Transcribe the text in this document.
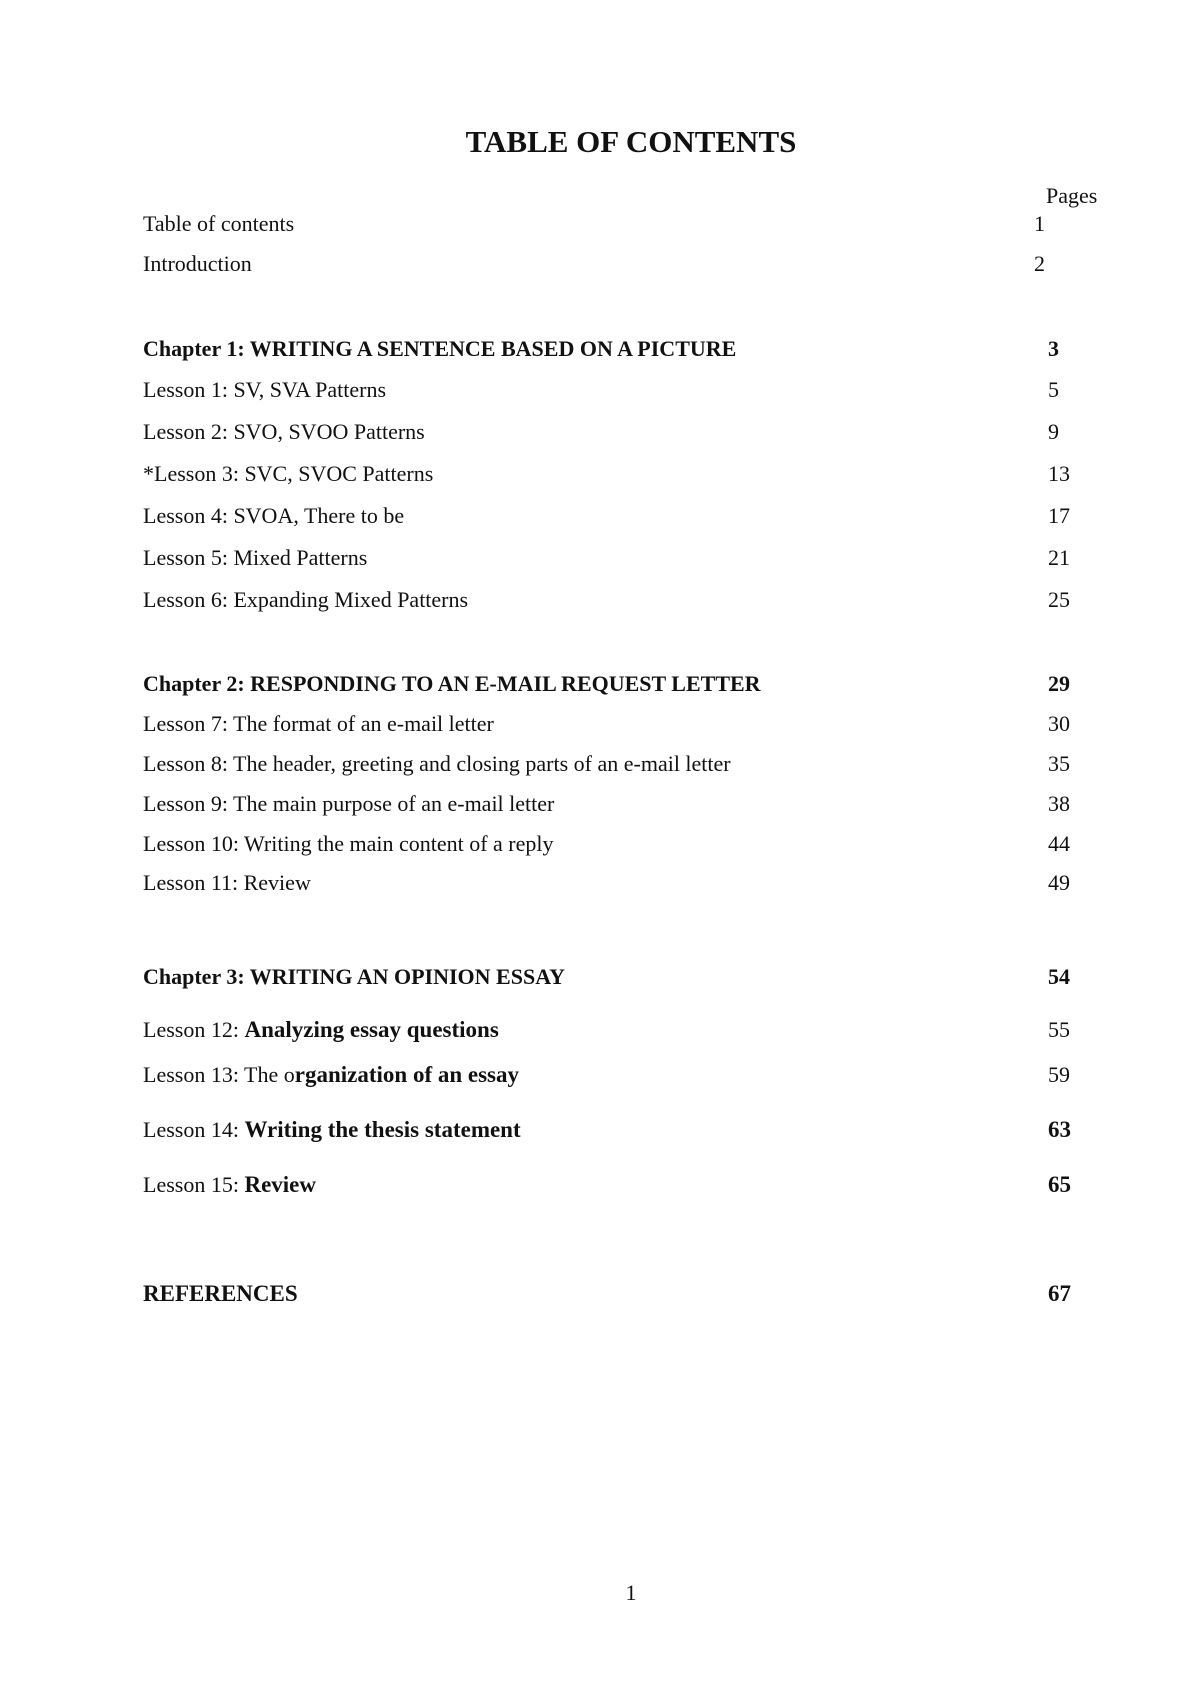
TABLE OF CONTENTS
Pages
Table of contents	1
Introduction	2
Chapter 1: WRITING A SENTENCE BASED ON A PICTURE	3
Lesson 1: SV, SVA Patterns	5
Lesson 2: SVO, SVOO Patterns	9
*Lesson 3: SVC, SVOC Patterns	13
Lesson 4: SVOA, There to be	17
Lesson 5: Mixed Patterns	21
Lesson 6: Expanding Mixed Patterns	25
Chapter 2: RESPONDING TO AN E-MAIL REQUEST LETTER	29
Lesson 7: The format of an e-mail letter	30
Lesson 8: The header, greeting and closing parts of an e-mail letter	35
Lesson 9: The main purpose of an e-mail letter	38
Lesson 10: Writing the main content of a reply	44
Lesson 11: Review	49
Chapter 3: WRITING AN OPINION ESSAY	54
Lesson 12: Analyzing essay questions	55
Lesson 13: The organization of an essay	59
Lesson 14: Writing the thesis statement	63
Lesson 15: Review	65
REFERENCES	67
1
